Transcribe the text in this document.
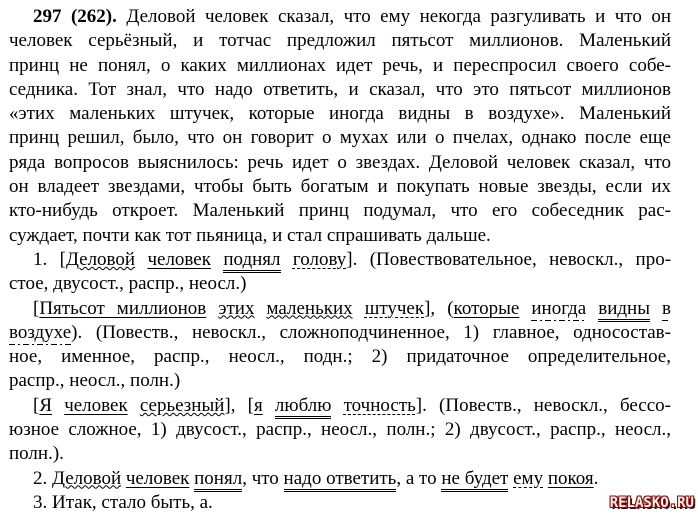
297 (262). Деловой человек сказал, что ему некогда разгуливать и что он
человек серьёзный, и тотчас предложил пятьсот миллионов. Маленький
принц не понял, о каких миллионах идет речь, и переспросил своего собе-
седника. Тот знал, что надо ответить, и сказал, что это пятьсот миллионов
«этих маленьких штучек, которые иногда видны в воздухе». Маленький
принц решил, было, что он говорит о мухах или о пчелах, однако после еще
ряда вопросов выяснилось: речь идет о звездах. Деловой человек сказал, что
он владеет звездами, чтобы быть богатым и покупать новые звезды, если их
кто-нибудь откроет. Маленький принц подумал, что его собеседник рас-
суждает, почти как тот пьяница, и стал спрашивать дальше.
1. [Деловой человек поднял голову]. (Повествовательное, невоскл., про-
стое, двусост., распр., неосл.)
[Пятьсот миллионов этих маленьких штучек], (которые иногда видны в
воздухе). (Повеств., невоскл., сложноподчиненное, 1) главное, односостав-
ное, именное, распр., неосл., подн.; 2) придаточное определительное,
распр., неосл., полн.)
[Я человек серьезный], [я люблю точность]. (Повеств., невоскл., бессо-
юзное сложное, 1) двусост., распр., неосл., полн.; 2) двусост., распр., неосл.,
полн.).
2. Деловой человек понял, что надо ответить, а то не будет ему покоя.
3. Итак, стало быть, а.	RELASKO.RU
